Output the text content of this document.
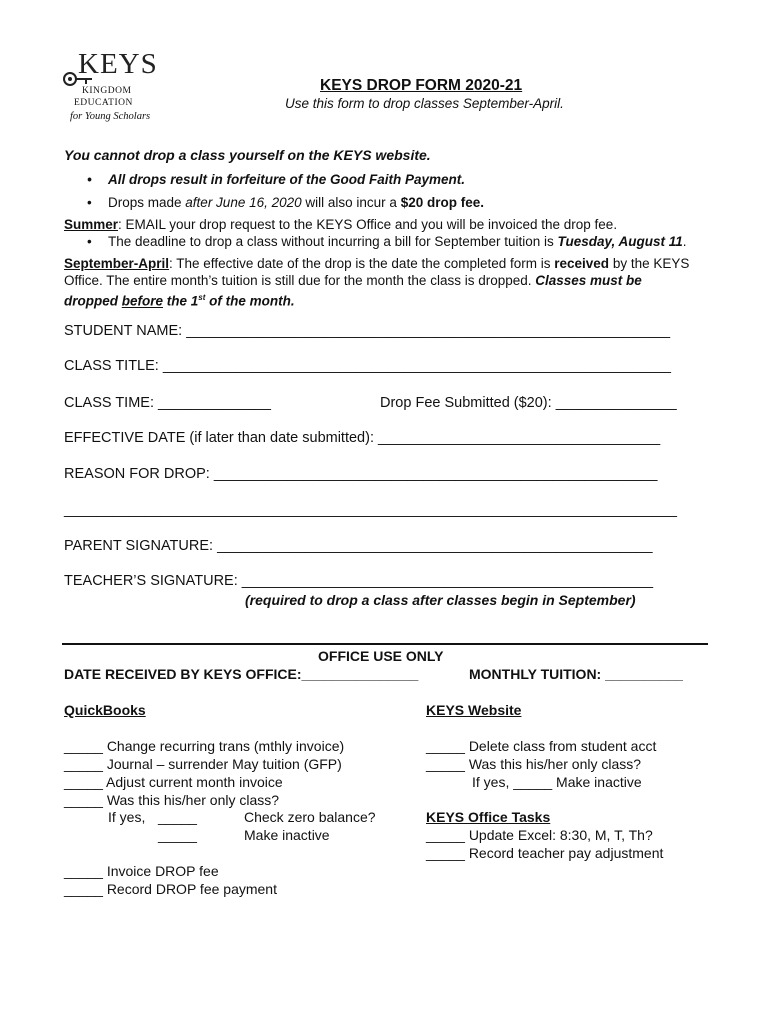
KEYS
KINGDOM
EDUCATION
for Young Scholars
KEYS DROP FORM 2020-21
Use this form to drop classes September-April.
You cannot drop a class yourself on the KEYS website.
• All drops result in forfeiture of the Good Faith Payment.
• Drops made after June 16, 2020 will also incur a $20 drop fee.
Summer: EMAIL your drop request to the KEYS Office and you will be invoiced the drop fee.
• The deadline to drop a class without incurring a bill for September tuition is Tuesday, August 11.
September-April: The effective date of the drop is the date the completed form is received by the KEYS
Office. The entire month’s tuition is still due for the month the class is dropped. Classes must be
dropped before the 1st of the month.
STUDENT NAME: ____________________________________________________________
CLASS TITLE: _______________________________________________________________
CLASS TIME: ______________	Drop Fee Submitted ($20): _______________
EFFECTIVE DATE (if later than date submitted): ___________________________________
REASON FOR DROP: _______________________________________________________
____________________________________________________________________________
PARENT SIGNATURE: ______________________________________________________
TEACHER’S SIGNATURE: ___________________________________________________
(required to drop a class after classes begin in September)
OFFICE USE ONLY
DATE RECEIVED BY KEYS OFFICE:_______________	MONTHLY TUITION: __________
QuickBooks
_____ Change recurring trans (mthly invoice)
_____ Journal – surrender May tuition (GFP)
_____ Adjust current month invoice
_____ Was this his/her only class?
If yes, _____	Check zero balance?
_____	Make inactive
_____ Invoice DROP fee
_____ Record DROP fee payment
KEYS Website
_____ Delete class from student acct
_____ Was this his/her only class?
If yes, _____ Make inactive
KEYS Office Tasks
_____ Update Excel: 8:30, M, T, Th?
_____ Record teacher pay adjustment
